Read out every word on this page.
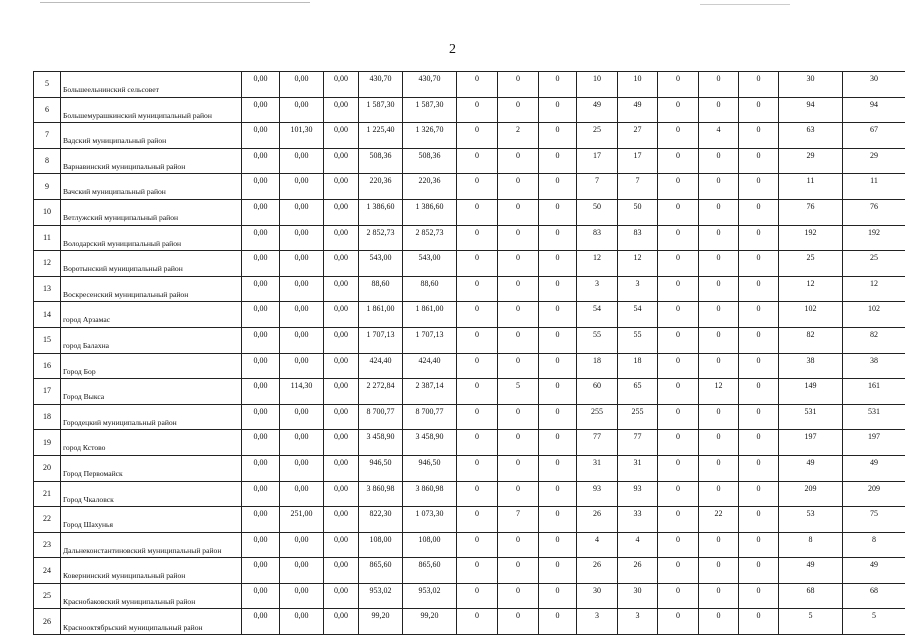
2
5	Большеельнинский сельсовет	0,00	0,00	0,00	430,70	430,70	0	0	0	10	10	0	0	0	30	30
6	Большемурашкинский муниципальный район	0,00	0,00	0,00	1 587,30	1 587,30	0	0	0	49	49	0	0	0	94	94
7	Вадский муниципальный район	0,00	101,30	0,00	1 225,40	1 326,70	0	2	0	25	27	0	4	0	63	67
8	Варнавинский муниципальный район	0,00	0,00	0,00	508,36	508,36	0	0	0	17	17	0	0	0	29	29
9	Вачский муниципальный район	0,00	0,00	0,00	220,36	220,36	0	0	0	7	7	0	0	0	11	11
10	Ветлужский муниципальный район	0,00	0,00	0,00	1 386,60	1 386,60	0	0	0	50	50	0	0	0	76	76
11	Володарский муниципальный район	0,00	0,00	0,00	2 852,73	2 852,73	0	0	0	83	83	0	0	0	192	192
12	Воротынский муниципальный район	0,00	0,00	0,00	543,00	543,00	0	0	0	12	12	0	0	0	25	25
13	Воскресенский муниципальный район	0,00	0,00	0,00	88,60	88,60	0	0	0	3	3	0	0	0	12	12
14	город Арзамас	0,00	0,00	0,00	1 861,00	1 861,00	0	0	0	54	54	0	0	0	102	102
15	город Балахна	0,00	0,00	0,00	1 707,13	1 707,13	0	0	0	55	55	0	0	0	82	82
16	Город Бор	0,00	0,00	0,00	424,40	424,40	0	0	0	18	18	0	0	0	38	38
17	Город Выкса	0,00	114,30	0,00	2 272,84	2 387,14	0	5	0	60	65	0	12	0	149	161
18	Городецкий муниципальный район	0,00	0,00	0,00	8 700,77	8 700,77	0	0	0	255	255	0	0	0	531	531
19	город Кстово	0,00	0,00	0,00	3 458,90	3 458,90	0	0	0	77	77	0	0	0	197	197
20	Город Первомайск	0,00	0,00	0,00	946,50	946,50	0	0	0	31	31	0	0	0	49	49
21	Город Чкаловск	0,00	0,00	0,00	3 860,98	3 860,98	0	0	0	93	93	0	0	0	209	209
22	Город Шахунья	0,00	251,00	0,00	822,30	1 073,30	0	7	0	26	33	0	22	0	53	75
23	Дальнеконстантиновский муниципальный район	0,00	0,00	0,00	108,00	108,00	0	0	0	4	4	0	0	0	8	8
24	Ковернинский муниципальный район	0,00	0,00	0,00	865,60	865,60	0	0	0	26	26	0	0	0	49	49
25	Краснобаковский муниципальный район	0,00	0,00	0,00	953,02	953,02	0	0	0	30	30	0	0	0	68	68
26	Краснооктябрьский муниципальный район	0,00	0,00	0,00	99,20	99,20	0	0	0	3	3	0	0	0	5	5
